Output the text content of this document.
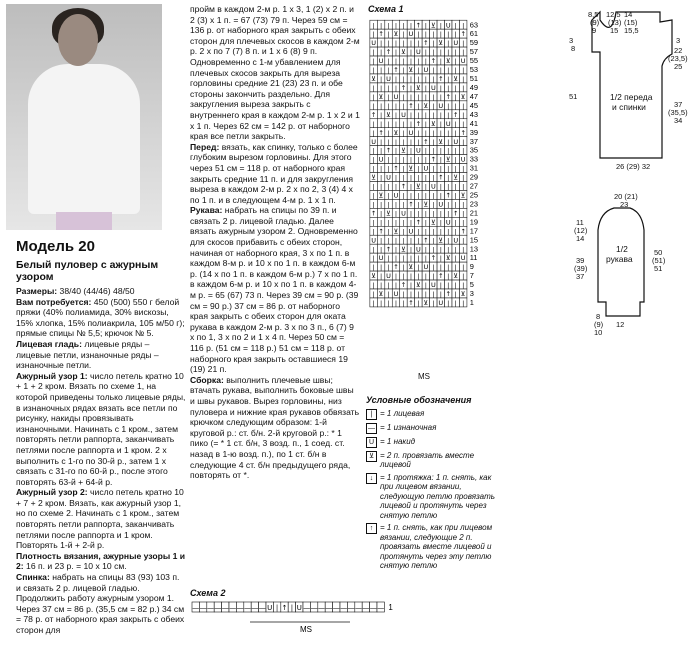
Модель 20
Белый пуловер с ажурным узором

Размеры: 38/40 (44/46) 48/50

Вам потребуется: 450 (500) 550 г белой пряжи (40% полиамида, 30% вискозы, 15% хлопка, 15% полиакрила, 105 м/50 г); прямые спицы № 5,5; крючок № 5.

Лицевая гладь: лицевые ряды – лицевые петли, изнаночные ряды – изнаночные петли.

Ажурный узор 1: число петель кратно 10 + 1 + 2 кром. Вязать по схеме 1, на которой приведены только лицевые ряды, в изнаночных рядах вязать все петли по рисунку, накиды провязывать изнаночными. Начинать с 1 кром., затем повторять петли раппорта, заканчивать петлями после раппорта и 1 кром. 2 х выполнить с 1-го по 30-й р., затем 1 х связать с 31-го по 60-й р., после этого повторять 63-й + 64-й р.

Ажурный узор 2: число петель кратно 10 + 7 + 2 кром. Вязать, как ажурный узор 1, но по схеме 2. Начинать с 1 кром., затем повторять петли раппорта, заканчивать петлями после раппорта и 1 кром. Повторять 1-й + 2-й р.

Плотность вязания, ажурные узоры 1 и 2: 16 п. и 23 р. = 10 х 10 см.

Спинка: набрать на спицы 83 (93) 103 п. и связать 2 р. лицевой гладью. Продолжить работу ажурным узором 1. Через 37 см = 86 р. (35,5 см = 82 р.) 34 см = 78 р. от наборного края закрыть с обеих сторон для

пройм в каждом 2-м р. 1 х 3, 1 (2) х 2 п. и 2 (3) х 1 п. = 67 (73) 79 п. Через 59 см = 136 р. от наборного края закрыть с обеих сторон для плечевых скосов в каждом 2-м р. 2 х по 7 (7) 8 п. и 1 х 6 (8) 9 п. Одновременно с 1-м убавлением для плечевых скосов закрыть для выреза горловины средние 21 (23) 23 п. и обе стороны закончить раздельно. Для закругления выреза закрыть с внутреннего края в каждом 2-м р. 1 х 2 и 1 х 1 п. Через 62 см = 142 р. от наборного края все петли закрыть.

Перед: вязать, как спинку, только с более глубоким вырезом горловины. Для этого через 51 см = 118 р. от наборного края закрыть средние 11 п. и для закругления выреза в каждом 2-м р. 2 х по 2, 3 (4) 4 х по 1 п. и в следующем 4-м р. 1 х 1 п.

Рукава: набрать на спицы по 39 п. и связать 2 р. лицевой гладью. Далее вязать ажурным узором 2. Одновременно для скосов прибавить с обеих сторон, начиная от наборного края, 3 х по 1 п. в каждом 8-м р. и 10 х по 1 п. в каждом 6-м р. (14 х по 1 п. в каждом 6-м р.) 7 х по 1 п. в каждом 6-м р. и 10 х по 1 п. в каждом 4-м р. = 65 (67) 73 п. Через 39 см = 90 р. (39 см = 90 р.) 37 см = 86 р. от наборного края закрыть с обеих сторон для оката рукава в каждом 2-м р. 3 х по 3 п., 6 (7) 9 х по 1, 3 х по 2 и 1 х 4 п. Через 50 см = 116 р. (51 см = 118 р.) 51 см = 118 р. от наборного края закрыть оставшиеся 19 (19) 21 п.

Сборка: выполнить плечевые швы; втачать рукава, выполнить боковые швы и швы рукавов. Вырез горловины, низ пуловера и нижние края рукавов обвязать крючком следующим образом: 1-й круговой р.: ст. б/н. 2-й круговой р.: * 1 пико (= * 1 ст. б/н, 3 возд. п., 1 соед. ст. назад в 1-ю возд. п.), по 1 ст. б/н в следующие 4 ст. б/н предыдущего ряда, повторять от *.

Схема 1
| | | | | | ↑ | ⊻ | U | | 63
| ↑ | ⊻ | U | | | | | | ↑ 61
U | | | | | | ↑ | ⊻ | U | 59
| | ↑ | ⊻ | U | | | | | | 57
| U | | | | | | ↑ | ⊻ | U 55
| | | ↑ | ⊻ | U | | | | | 53
⊻ | U | | | | | | ↑ | ⊻ | 51
| | | | ↑ | ⊻ | U | | | | 49
| ⊻ | U | | | | | | ↑ | ⊻ 47
| | | | | ↑ | ⊻ | U | | | 45
↑ | ⊻ | U | | | | | | ↑ | 43
| | | | | | ↑ | ⊻ | U | | 41
| ↑ | ⊻ | U | | | | | | ↑ 39
U | | | | | | ↑ | ⊻ | U | 37
| | ↑ | ⊻ | U | | | | | | 35
| U | | | | | | ↑ | ⊻ | U 33
| | | ↑ | ⊻ | U | | | | | 31
⊻ | U | | | | | | ↑ | ⊻ | 29
| | | | ↑ | ⊻ | U | | | | 27
| ⊻ | U | | | | | | ↑ | ⊻ 25
| | | | | ↑ | ⊻ | U | | | 23
↑ | ⊻ | U | | | | | | ↑ | 21
| | | | | | ↑ | ⊻ | U | | 19
| ↑ | ⊻ | U | | | | | | ↑ 17
U | | | | | | ↑ | ⊻ | U | 15
| | ↑ | ⊻ | U | | | | | | 13
| U | | | | | | ↑ | ⊻ | U 11
| | | ↑ | ⊻ | U | | | | | 9
⊻ | U | | | | | | ↑ | ⊻ | 7
| | | | ↑ | ⊻ | U | | | | 5
| ⊻ | U | | | | | | ↑ | ⊻ 3
| | | | | ↑ | ⊻ | U | | | 1
MS
Условные обозначения
| = 1 лицевая
— = 1 изнаночная
U = 1 накид
⊻ = 2 п. провязать вместе лицевой
↓ = 1 протяжка: 1 п. снять, как при лицевом вязании, следующую петлю провязать лицевой и протянуть через снятую петлю
↑ = 1 п. снять, как при лицевом вязании, следующие 2 п. провязать вместе лицевой и протянуть через эту петлю снятую петлю
Схема 2
— — — — — — — — — — U | ↑ | U — — — — — — — — — — — 1
MS
8,5
(9)
9
12,5
(13)
15
14
(15)
15,5
3
8
51
3
22
(23,5)
25
37
(35,5)
34
1/2 переда
и спинки
26 (29) 32
20 (21)
23
11
(12)
14
39
(39)
37
50
(51)
51
1/2
рукава
8
(9)
10
12
